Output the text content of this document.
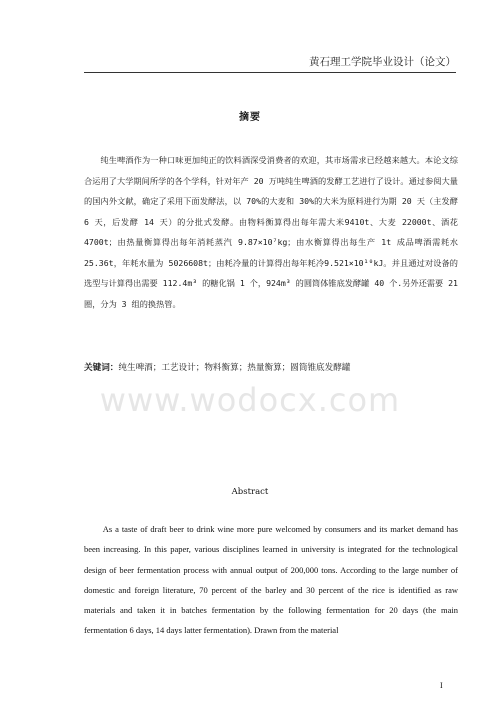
黄石理工学院毕业设计（论文）
摘要
纯生啤酒作为一种口味更加纯正的饮料酒深受消费者的欢迎，其市场需求已经越来越大。本论文综合运用了大学期间所学的各个学科，针对年产 20 万吨纯生啤酒的发酵工艺进行了设计。通过参阅大量的国内外文献，确定了采用下面发酵法，以 70%的大麦和 30%的大米为原料进行为期 20 天（主发酵 6 天，后发酵 14 天）的分批式发酵。由物料衡算得出每年需大米9410t、大麦 22000t、酒花 4700t；由热量衡算得出每年消耗蒸汽 9.87×10⁷kg；由水衡算得出每生产 1t 成品啤酒需耗水 25.36t，年耗水量为 5026608t；由耗冷量的计算得出每年耗冷9.521×10¹⁰kJ。并且通过对设备的选型与计算得出需要 112.4m³ 的糖化锅 1 个，924m³ 的圆筒体锥底发酵罐 40 个.另外还需要 21 圈，分为 3 组的换热管。
关键词：纯生啤酒；工艺设计；物料衡算；热量衡算；圆筒锥底发酵罐
www.wodocx.com
Abstract
As a taste of draft beer to drink wine more pure welcomed by consumers and its market demand has been increasing. In this paper, various disciplines learned in university is integrated for the technological design of beer fermentation process with annual output of 200,000 tons. According to the large number of domestic and foreign literature, 70 percent of the barley and 30 percent of the rice is identified as raw materials and taken it in batches fermentation by the following fermentation for 20 days (the main fermentation 6 days, 14 days latter fermentation). Drawn from the material
I
